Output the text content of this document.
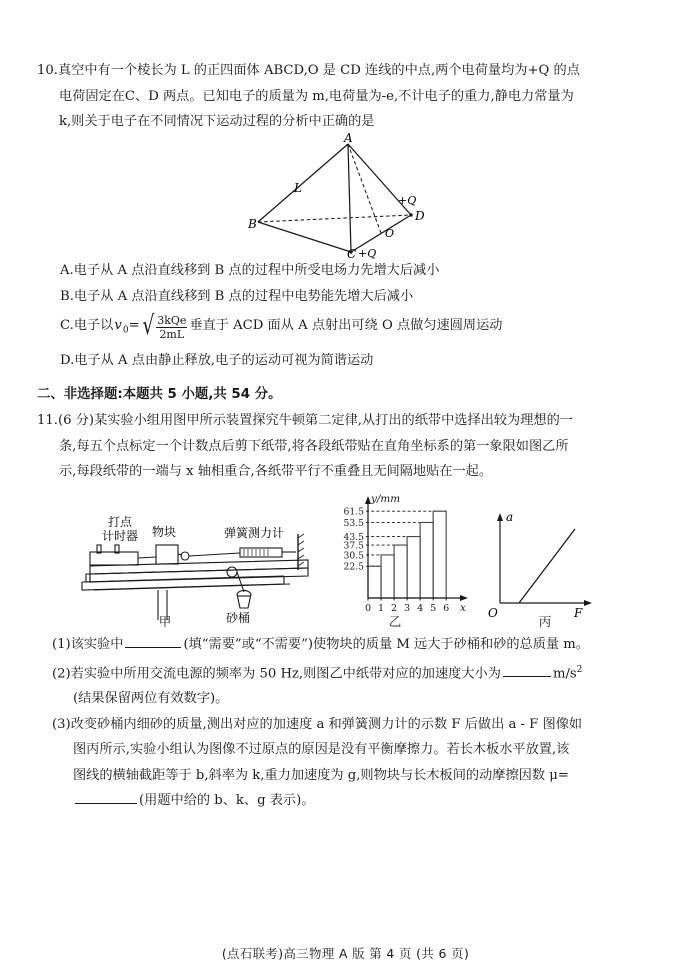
10.真空中有一个棱长为 L 的正四面体 ABCD,O 是 CD 连线的中点,两个电荷量均为+Q 的点
电荷固定在C、D 两点。已知电子的质量为 m,电荷量为-e,不计电子的重力,静电力常量为
k,则关于电子在不同情况下运动过程的分析中正确的是
A
B
C
D
O
L
+Q
+Q
A.电子从 A 点沿直线移到 B 点的过程中所受电场力先增大后减小
B.电子从 A 点沿直线移到 B 点的过程中电势能先增大后减小
C.电子以$v_0=$ √ $\frac{\text{3kQe}}{2mL}$ 垂直于 ACD 面从 A 点射出可绕 O 点做匀速圆周运动
D.电子从 A 点由静止释放,电子的运动可视为简谐运动
二、非选择题:本题共 5 小题,共 54 分。
11.(6 分)某实验小组用图甲所示装置探究牛顿第二定律,从打出的纸带中选择出较为理想的一
条,每五个点标定一个计数点后剪下纸带,将各段纸带贴在直角坐标系的第一象限如图乙所
示,每段纸带的一端与 x 轴相重合,各纸带平行不重叠且无间隔地贴在一起。
打点
计时器 物块	弹簧测力计
砂桶
甲
22.5
30.5
37.5
43.5
53.5
61.5
0 1 2 3 4 5 6
y/mm
x
乙
a
F
O
丙
(1)该实验中	(填“需要”或“不需要”)使物块的质量 M 远大于砂桶和砂的总质量 m。
(2)若实验中所用交流电源的频率为 50 Hz,则图乙中纸带对应的加速度大小为	$m/s^2$
(结果保留两位有效数字)。
(3)改变砂桶内细砂的质量,测出对应的加速度 a 和弹簧测力计的示数 F 后做出 a - F 图像如
图丙所示,实验小组认为图像不过原点的原因是没有平衡摩擦力。若长木板水平放置,该
图线的横轴截距等于 b,斜率为 k,重力加速度为 g,则物块与长木板间的动摩擦因数 μ=
(用题中给的 b、k、g 表示)。
(点石联考)高三物理 A 版 第 4 页 (共 6 页)
